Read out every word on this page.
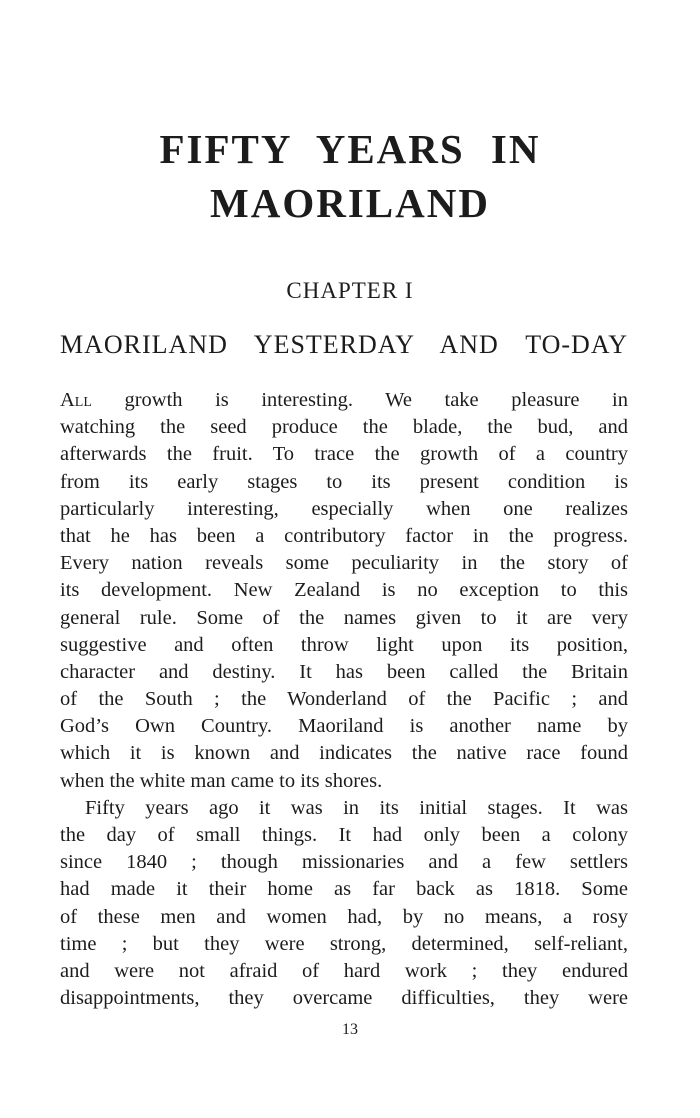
FIFTY YEARS IN
MAORILAND
CHAPTER I
MAORILAND YESTERDAY AND TO-DAY
All growth is interesting. We take pleasure in
watching the seed produce the blade, the bud, and
afterwards the fruit. To trace the growth of a country
from its early stages to its present condition is
particularly interesting, especially when one realizes
that he has been a contributory factor in the progress.
Every nation reveals some peculiarity in the story of
its development. New Zealand is no exception to this
general rule. Some of the names given to it are very
suggestive and often throw light upon its position,
character and destiny. It has been called the Britain
of the South ; the Wonderland of the Pacific ; and
God’s Own Country. Maoriland is another name by
which it is known and indicates the native race found
when the white man came to its shores.
Fifty years ago it was in its initial stages. It was
the day of small things. It had only been a colony
since 1840 ; though missionaries and a few settlers
had made it their home as far back as 1818. Some
of these men and women had, by no means, a rosy
time ; but they were strong, determined, self-reliant,
and were not afraid of hard work ; they endured
disappointments, they overcame difficulties, they were
13
